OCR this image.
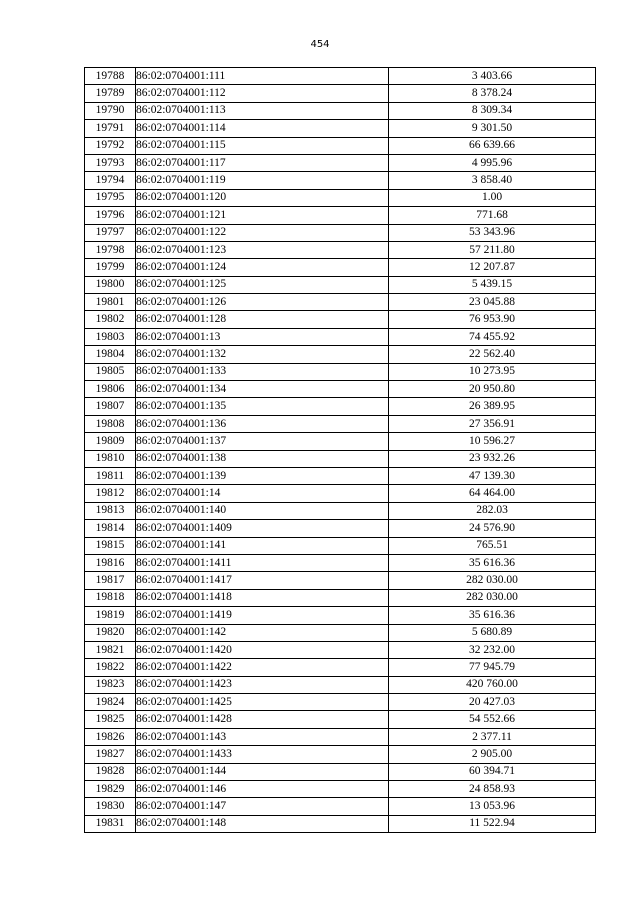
454
19788	86:02:0704001:111	3 403.66
19789	86:02:0704001:112	8 378.24
19790	86:02:0704001:113	8 309.34
19791	86:02:0704001:114	9 301.50
19792	86:02:0704001:115	66 639.66
19793	86:02:0704001:117	4 995.96
19794	86:02:0704001:119	3 858.40
19795	86:02:0704001:120	1.00
19796	86:02:0704001:121	771.68
19797	86:02:0704001:122	53 343.96
19798	86:02:0704001:123	57 211.80
19799	86:02:0704001:124	12 207.87
19800	86:02:0704001:125	5 439.15
19801	86:02:0704001:126	23 045.88
19802	86:02:0704001:128	76 953.90
19803	86:02:0704001:13	74 455.92
19804	86:02:0704001:132	22 562.40
19805	86:02:0704001:133	10 273.95
19806	86:02:0704001:134	20 950.80
19807	86:02:0704001:135	26 389.95
19808	86:02:0704001:136	27 356.91
19809	86:02:0704001:137	10 596.27
19810	86:02:0704001:138	23 932.26
19811	86:02:0704001:139	47 139.30
19812	86:02:0704001:14	64 464.00
19813	86:02:0704001:140	282.03
19814	86:02:0704001:1409	24 576.90
19815	86:02:0704001:141	765.51
19816	86:02:0704001:1411	35 616.36
19817	86:02:0704001:1417	282 030.00
19818	86:02:0704001:1418	282 030.00
19819	86:02:0704001:1419	35 616.36
19820	86:02:0704001:142	5 680.89
19821	86:02:0704001:1420	32 232.00
19822	86:02:0704001:1422	77 945.79
19823	86:02:0704001:1423	420 760.00
19824	86:02:0704001:1425	20 427.03
19825	86:02:0704001:1428	54 552.66
19826	86:02:0704001:143	2 377.11
19827	86:02:0704001:1433	2 905.00
19828	86:02:0704001:144	60 394.71
19829	86:02:0704001:146	24 858.93
19830	86:02:0704001:147	13 053.96
19831	86:02:0704001:148	11 522.94
